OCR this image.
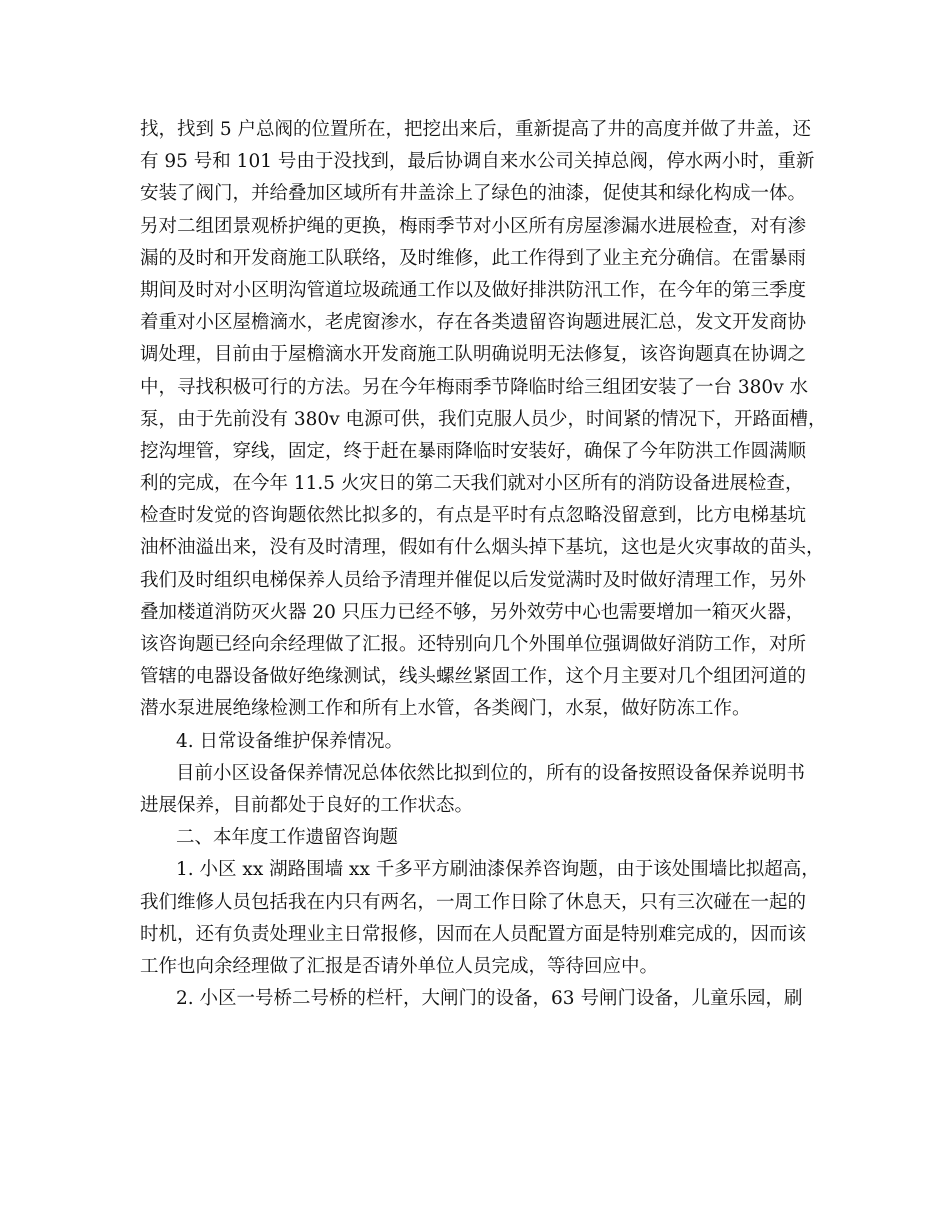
找，找到 5 户总阀的位置所在，把挖出来后，重新提高了井的高度并做了井盖，还
有 95 号和 101 号由于没找到，最后协调自来水公司关掉总阀，停水两小时，重新
安装了阀门，并给叠加区域所有井盖涂上了绿色的油漆，促使其和绿化构成一体。
另对二组团景观桥护绳的更换，梅雨季节对小区所有房屋渗漏水进展检查，对有渗
漏的及时和开发商施工队联络，及时维修，此工作得到了业主充分确信。在雷暴雨
期间及时对小区明沟管道垃圾疏通工作以及做好排洪防汛工作，在今年的第三季度
着重对小区屋檐滴水，老虎窗渗水，存在各类遗留咨询题进展汇总，发文开发商协
调处理，目前由于屋檐滴水开发商施工队明确说明无法修复，该咨询题真在协调之
中，寻找积极可行的方法。另在今年梅雨季节降临时给三组团安装了一台 380v 水
泵，由于先前没有 380v 电源可供，我们克服人员少，时间紧的情况下，开路面槽，
挖沟埋管，穿线，固定，终于赶在暴雨降临时安装好，确保了今年防洪工作圆满顺
利的完成，在今年 11.5 火灾日的第二天我们就对小区所有的消防设备进展检查，
检查时发觉的咨询题依然比拟多的，有点是平时有点忽略没留意到，比方电梯基坑
油杯油溢出来，没有及时清理，假如有什么烟头掉下基坑，这也是火灾事故的苗头，
我们及时组织电梯保养人员给予清理并催促以后发觉满时及时做好清理工作，另外
叠加楼道消防灭火器 20 只压力已经不够，另外效劳中心也需要增加一箱灭火器，
该咨询题已经向余经理做了汇报。还特别向几个外围单位强调做好消防工作，对所
管辖的电器设备做好绝缘测试，线头螺丝紧固工作，这个月主要对几个组团河道的
潜水泵进展绝缘检测工作和所有上水管，各类阀门，水泵，做好防冻工作。
4. 日常设备维护保养情况。
目前小区设备保养情况总体依然比拟到位的，所有的设备按照设备保养说明书
进展保养，目前都处于良好的工作状态。
二、本年度工作遗留咨询题
1. 小区 xx 湖路围墙 xx 千多平方刷油漆保养咨询题，由于该处围墙比拟超高，
我们维修人员包括我在内只有两名，一周工作日除了休息天，只有三次碰在一起的
时机，还有负责处理业主日常报修，因而在人员配置方面是特别难完成的，因而该
工作也向余经理做了汇报是否请外单位人员完成，等待回应中。
2. 小区一号桥二号桥的栏杆，大闸门的设备，63 号闸门设备，儿童乐园，刷
